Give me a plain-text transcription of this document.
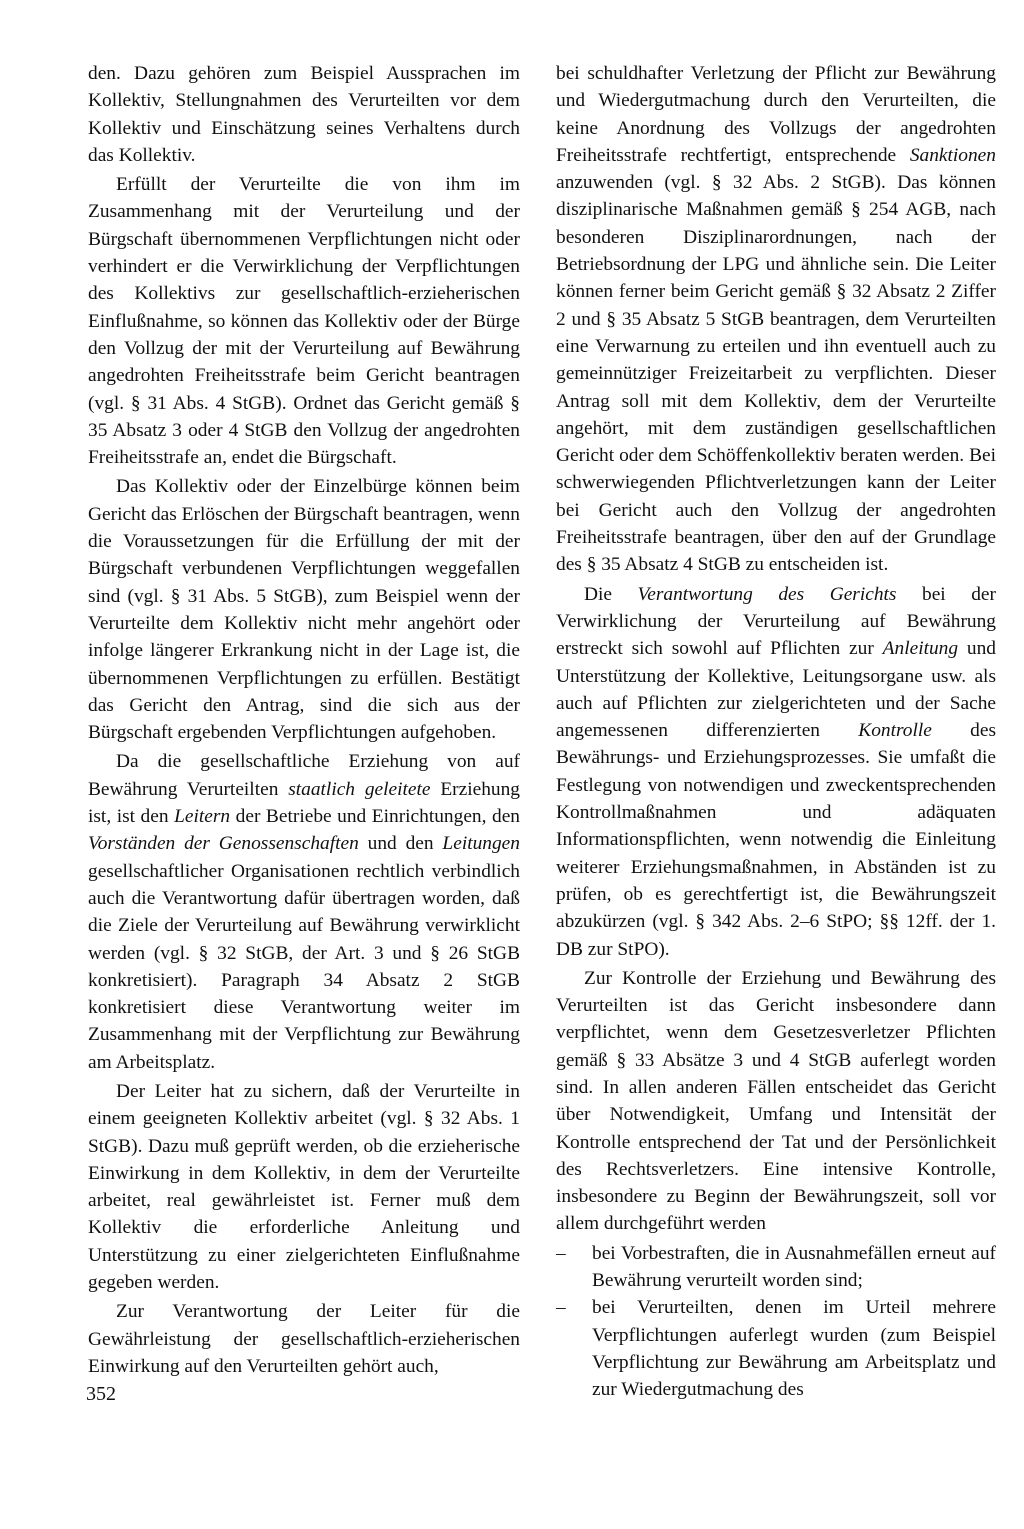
den. Dazu gehören zum Beispiel Aussprachen im Kollektiv, Stellungnahmen des Verurteilten vor dem Kollektiv und Einschätzung seines Verhaltens durch das Kollektiv.

Erfüllt der Verurteilte die von ihm im Zusammenhang mit der Verurteilung und der Bürgschaft übernommenen Verpflichtungen nicht oder verhindert er die Verwirklichung der Verpflichtungen des Kollektivs zur gesellschaftlich-erzieherischen Einflußnahme, so können das Kollektiv oder der Bürge den Vollzug der mit der Verurteilung auf Bewährung angedrohten Freiheitsstrafe beim Gericht beantragen (vgl. § 31 Abs. 4 StGB). Ordnet das Gericht gemäß § 35 Absatz 3 oder 4 StGB den Vollzug der angedrohten Freiheitsstrafe an, endet die Bürgschaft.

Das Kollektiv oder der Einzelbürge können beim Gericht das Erlöschen der Bürgschaft beantragen, wenn die Voraussetzungen für die Erfüllung der mit der Bürgschaft verbundenen Verpflichtungen weggefallen sind (vgl. § 31 Abs. 5 StGB), zum Beispiel wenn der Verurteilte dem Kollektiv nicht mehr angehört oder infolge längerer Erkrankung nicht in der Lage ist, die übernommenen Verpflichtungen zu erfüllen. Bestätigt das Gericht den Antrag, sind die sich aus der Bürgschaft ergebenden Verpflichtungen aufgehoben.

Da die gesellschaftliche Erziehung von auf Bewährung Verurteilten staatlich geleitete Erziehung ist, ist den Leitern der Betriebe und Einrichtungen, den Vorständen der Genossenschaften und den Leitungen gesellschaftlicher Organisationen rechtlich verbindlich auch die Verantwortung dafür übertragen worden, daß die Ziele der Verurteilung auf Bewährung verwirklicht werden (vgl. § 32 StGB, der Art. 3 und § 26 StGB konkretisiert). Paragraph 34 Absatz 2 StGB konkretisiert diese Verantwortung weiter im Zusammenhang mit der Verpflichtung zur Bewährung am Arbeitsplatz.

Der Leiter hat zu sichern, daß der Verurteilte in einem geeigneten Kollektiv arbeitet (vgl. § 32 Abs. 1 StGB). Dazu muß geprüft werden, ob die erzieherische Einwirkung in dem Kollektiv, in dem der Verurteilte arbeitet, real gewährleistet ist. Ferner muß dem Kollektiv die erforderliche Anleitung und Unterstützung zu einer zielgerichteten Einflußnahme gegeben werden.

Zur Verantwortung der Leiter für die Gewährleistung der gesellschaftlich-erzieherischen Einwirkung auf den Verurteilten gehört auch,

bei schuldhafter Verletzung der Pflicht zur Bewährung und Wiedergutmachung durch den Verurteilten, die keine Anordnung des Vollzugs der angedrohten Freiheitsstrafe rechtfertigt, entsprechende Sanktionen anzuwenden (vgl. § 32 Abs. 2 StGB). Das können disziplinarische Maßnahmen gemäß § 254 AGB, nach besonderen Disziplinarordnungen, nach der Betriebsordnung der LPG und ähnliche sein. Die Leiter können ferner beim Gericht gemäß § 32 Absatz 2 Ziffer 2 und § 35 Absatz 5 StGB beantragen, dem Verurteilten eine Verwarnung zu erteilen und ihn eventuell auch zu gemeinnütziger Freizeitarbeit zu verpflichten. Dieser Antrag soll mit dem Kollektiv, dem der Verurteilte angehört, mit dem zuständigen gesellschaftlichen Gericht oder dem Schöffenkollektiv beraten werden. Bei schwerwiegenden Pflichtverletzungen kann der Leiter bei Gericht auch den Vollzug der angedrohten Freiheitsstrafe beantragen, über den auf der Grundlage des § 35 Absatz 4 StGB zu entscheiden ist.

Die Verantwortung des Gerichts bei der Verwirklichung der Verurteilung auf Bewährung erstreckt sich sowohl auf Pflichten zur Anleitung und Unterstützung der Kollektive, Leitungsorgane usw. als auch auf Pflichten zur zielgerichteten und der Sache angemessenen differenzierten Kontrolle des Bewährungs- und Erziehungsprozesses. Sie umfaßt die Festlegung von notwendigen und zweckentsprechenden Kontrollmaßnahmen und adäquaten Informationspflichten, wenn notwendig die Einleitung weiterer Erziehungsmaßnahmen, in Abständen ist zu prüfen, ob es gerechtfertigt ist, die Bewährungszeit abzukürzen (vgl. § 342 Abs. 2–6 StPO; §§ 12ff. der 1. DB zur StPO).

Zur Kontrolle der Erziehung und Bewährung des Verurteilten ist das Gericht insbesondere dann verpflichtet, wenn dem Gesetzesverletzer Pflichten gemäß § 33 Absätze 3 und 4 StGB auferlegt worden sind. In allen anderen Fällen entscheidet das Gericht über Notwendigkeit, Umfang und Intensität der Kontrolle entsprechend der Tat und der Persönlichkeit des Rechtsverletzers. Eine intensive Kontrolle, insbesondere zu Beginn der Bewährungszeit, soll vor allem durchgeführt werden

–	bei Vorbestraften, die in Ausnahmefällen erneut auf Bewährung verurteilt worden sind;
–	bei Verurteilten, denen im Urteil mehrere Verpflichtungen auferlegt wurden (zum Beispiel Verpflichtung zur Bewährung am Arbeitsplatz und zur Wiedergutmachung des
352
